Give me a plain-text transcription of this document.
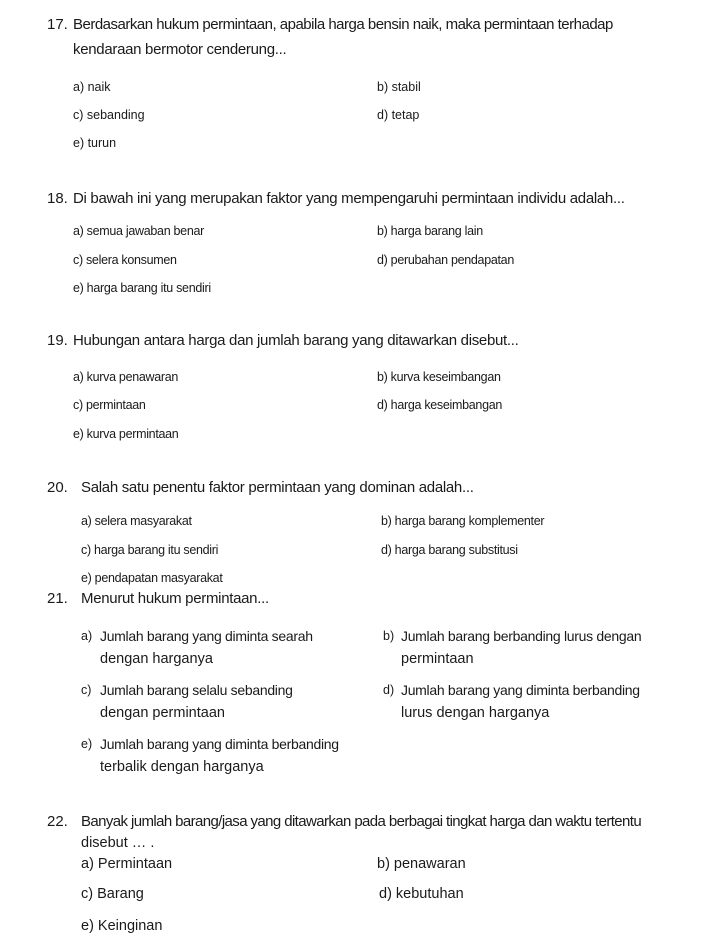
17. Berdasarkan hukum permintaan, apabila harga bensin naik, maka permintaan terhadap
kendaraan bermotor cenderung...
a) naik	b) stabil
c) sebanding	d) tetap
e) turun
18. Di bawah ini yang merupakan faktor yang mempengaruhi permintaan individu adalah...
a) semua jawaban benar	b) harga barang lain
c) selera konsumen	d) perubahan pendapatan
e) harga barang itu sendiri
19. Hubungan antara harga dan jumlah barang yang ditawarkan disebut...
a) kurva penawaran	b) kurva keseimbangan
c) permintaan	d) harga keseimbangan
e) kurva permintaan
20. Salah satu penentu faktor permintaan yang dominan adalah...
a) selera masyarakat	b) harga barang komplementer
c) harga barang itu sendiri	d) harga barang substitusi
e) pendapatan masyarakat
21. Menurut hukum permintaan...
a) Jumlah barang yang diminta searah
dengan harganya
b) Jumlah barang berbanding lurus dengan
permintaan
c) Jumlah barang selalu sebanding
dengan permintaan
d) Jumlah barang yang diminta berbanding
lurus dengan harganya
e) Jumlah barang yang diminta berbanding
terbalik dengan harganya
22. Banyak jumlah barang/jasa yang ditawarkan pada berbagai tingkat harga dan waktu tertentu
disebut … .
a) Permintaan	b) penawaran
c) Barang	d) kebutuhan
e) Keinginan
